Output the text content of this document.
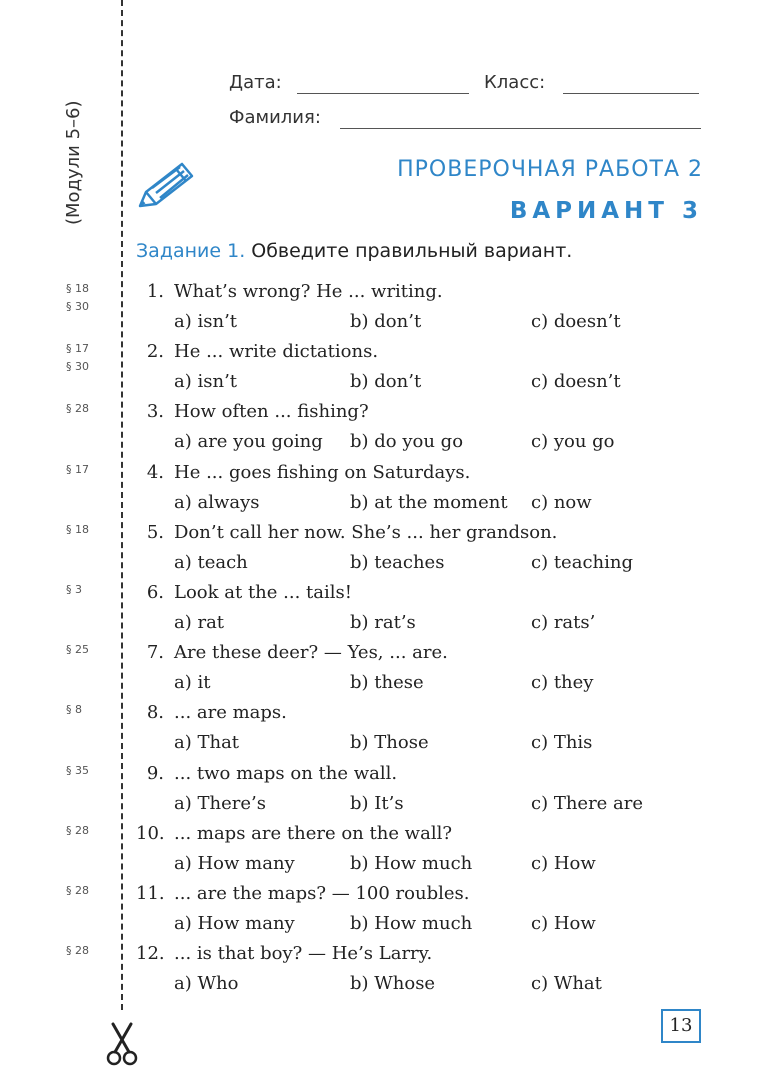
(Модули 5–6)
Дата:	Класс:
Фамилия:
ПРОВЕРОЧНАЯ РАБОТА 2
ВАРИАНТ 3
Задание 1. Обведите правильный вариант.
§ 18
§ 30
1. What’s wrong? He ... writing.
a) isn’t	b) don’t	c) doesn’t
§ 17
§ 30
2. He ... write dictations.
a) isn’t	b) don’t	c) doesn’t
§ 28	3. How often ... fishing?
a) are you going b) do you go	c) you go
§ 17	4. He ... goes fishing on Saturdays.
a) always	b) at the moment c) now
§ 18	5. Don’t call her now. She’s ... her grandson.
a) teach	b) teaches	c) teaching
§ 3	6. Look at the ... tails!
a) rat	b) rat’s	c) rats’
§ 25	7. Are these deer? — Yes, ... are.
a) it	b) these	c) they
§ 8	8. ... are maps.
a) That	b) Those	c) This
§ 35	9. ... two maps on the wall.
a) There’s	b) It’s	c) There are
§ 28	10. ... maps are there on the wall?
a) How many	b) How much	c) How
§ 28	11. ... are the maps? — 100 roubles.
a) How many	b) How much	c) How
§ 28	12. ... is that boy? — He’s Larry.
a) Who	b) Whose	c) What
13
